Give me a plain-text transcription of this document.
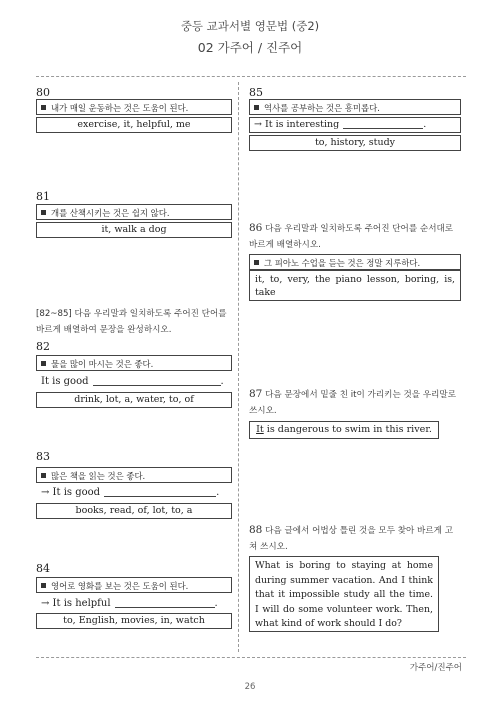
중등 교과서별 영문법 (중2)
02 가주어 / 진주어
80
내가 매일 운동하는 것은 도움이 된다.
exercise, it, helpful, me
81
개를 산책시키는 것은 쉽지 않다.
it, walk a dog
[82~85] 다음 우리말과 일치하도록 주어진 단어를 바르게 배열하여 문장을 완성하시오.
82
물을 많이 마시는 것은 좋다.
It is good	.
drink, lot, a, water, to, of
83
많은 책을 읽는 것은 좋다.
→ It is good	.
books, read, of, lot, to, a
84
영어로 영화를 보는 것은 도움이 된다.
→ It is helpful	.
to, English, movies, in, watch
85
역사를 공부하는 것은 흥미롭다.
→ It is interesting	.
to, history, study
86 다음 우리말과 일치하도록 주어진 단어를 순서대로 바르게 배열하시오.
그 피아노 수업을 듣는 것은 정말 지루하다.
it, to, very, the piano lesson, boring, is, take
87 다음 문장에서 밑줄 친 it이 가리키는 것을 우리말로 쓰시오.
It is dangerous to swim in this river.
88 다음 글에서 어법상 틀린 것을 모두 찾아 바르게 고쳐 쓰시오.
What is boring to staying at home during summer vacation. And I think that it impossible study all the time. I will do some volunteer work. Then, what kind of work should I do?
가주어/진주어
26
